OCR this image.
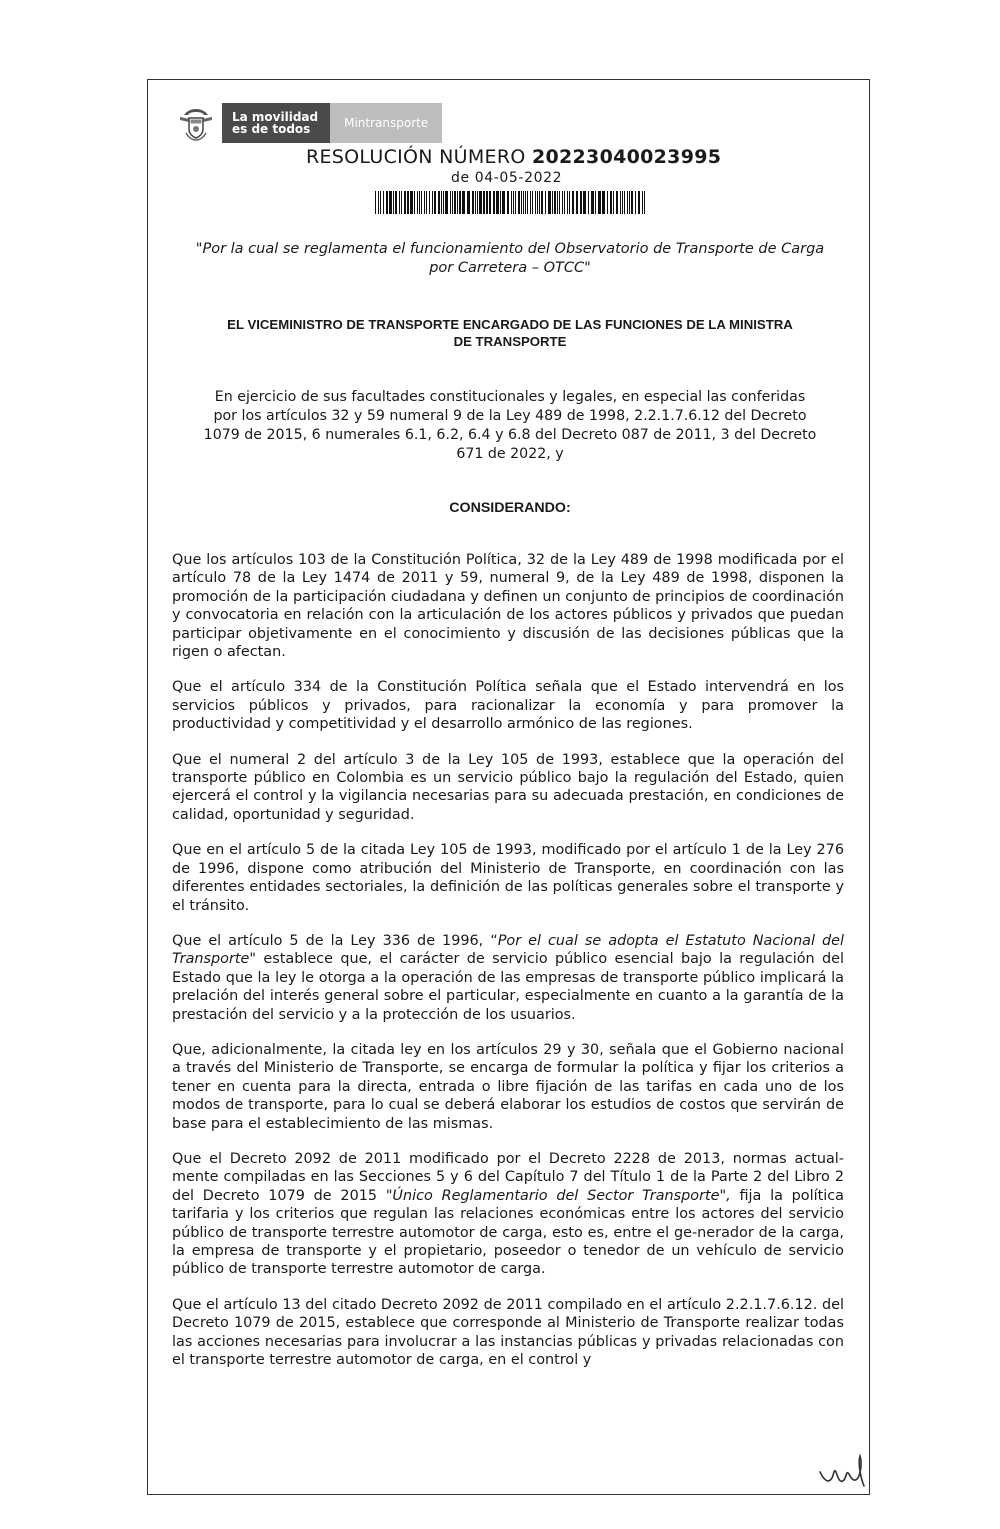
La movilidad
es de todos	Mintransporte
RESOLUCIÓN NÚMERO 20223040023995
de 04-05-2022
"Por la cual se reglamenta el funcionamiento del Observatorio de Transporte de Carga
por Carretera – OTCC"
EL VICEMINISTRO DE TRANSPORTE ENCARGADO DE LAS FUNCIONES DE LA MINISTRA
DE TRANSPORTE
En ejercicio de sus facultades constitucionales y legales, en especial las conferidas
por los artículos 32 y 59 numeral 9 de la Ley 489 de 1998, 2.2.1.7.6.12 del Decreto
1079 de 2015, 6 numerales 6.1, 6.2, 6.4 y 6.8 del Decreto 087 de 2011, 3 del Decreto
671 de 2022, y
CONSIDERANDO:

Que los artículos 103 de la Constitución Política, 32 de la Ley 489 de 1998 modificada por el artículo 78 de la Ley 1474 de 2011 y 59, numeral 9, de la Ley 489 de 1998, disponen la promoción de la participación ciudadana y definen un conjunto de principios de coordinación y convocatoria en relación con la articulación de los actores públicos y privados que puedan participar objetivamente en el conocimiento y discusión de las decisiones públicas que la rigen o afectan.

Que el artículo 334 de la Constitución Política señala que el Estado intervendrá en los servicios públicos y privados, para racionalizar la economía y para promover la productividad y competitividad y el desarrollo armónico de las regiones.

Que el numeral 2 del artículo 3 de la Ley 105 de 1993, establece que la operación del transporte público en Colombia es un servicio público bajo la regulación del Estado, quien ejercerá el control y la vigilancia necesarias para su adecuada prestación, en condiciones de calidad, oportunidad y seguridad.

Que en el artículo 5 de la citada Ley 105 de 1993, modificado por el artículo 1 de la Ley 276 de 1996, dispone como atribución del Ministerio de Transporte, en coordinación con las diferentes entidades sectoriales, la definición de las políticas generales sobre el transporte y el tránsito.

Que el artículo 5 de la Ley 336 de 1996, “Por el cual se adopta el Estatuto Nacional del Transporte" establece que, el carácter de servicio público esencial bajo la regulación del Estado que la ley le otorga a la operación de las empresas de transporte público implicará la prelación del interés general sobre el particular, especialmente en cuanto a la garantía de la prestación del servicio y a la protección de los usuarios.

Que, adicionalmente, la citada ley en los artículos 29 y 30, señala que el Gobierno nacional a través del Ministerio de Transporte, se encarga de formular la política y fijar los criterios a tener en cuenta para la directa, entrada o libre fijación de las tarifas en cada uno de los modos de transporte, para lo cual se deberá elaborar los estudios de costos que servirán de base para el establecimiento de las mismas.

Que el Decreto 2092 de 2011 modificado por el Decreto 2228 de 2013, normas actual-mente compiladas en las Secciones 5 y 6 del Capítulo 7 del Título 1 de la Parte 2 del Libro 2 del Decreto 1079 de 2015 "Único Reglamentario del Sector Transporte", fija la política tarifaria y los criterios que regulan las relaciones económicas entre los actores del servicio público de transporte terrestre automotor de carga, esto es, entre el ge-nerador de la carga, la empresa de transporte y el propietario, poseedor o tenedor de un vehículo de servicio público de transporte terrestre automotor de carga.

Que el artículo 13 del citado Decreto 2092 de 2011 compilado en el artículo 2.2.1.7.6.12. del Decreto 1079 de 2015, establece que corresponde al Ministerio de Transporte realizar todas las acciones necesarias para involucrar a las instancias públicas y privadas relacionadas con el transporte terrestre automotor de carga, en el control y
